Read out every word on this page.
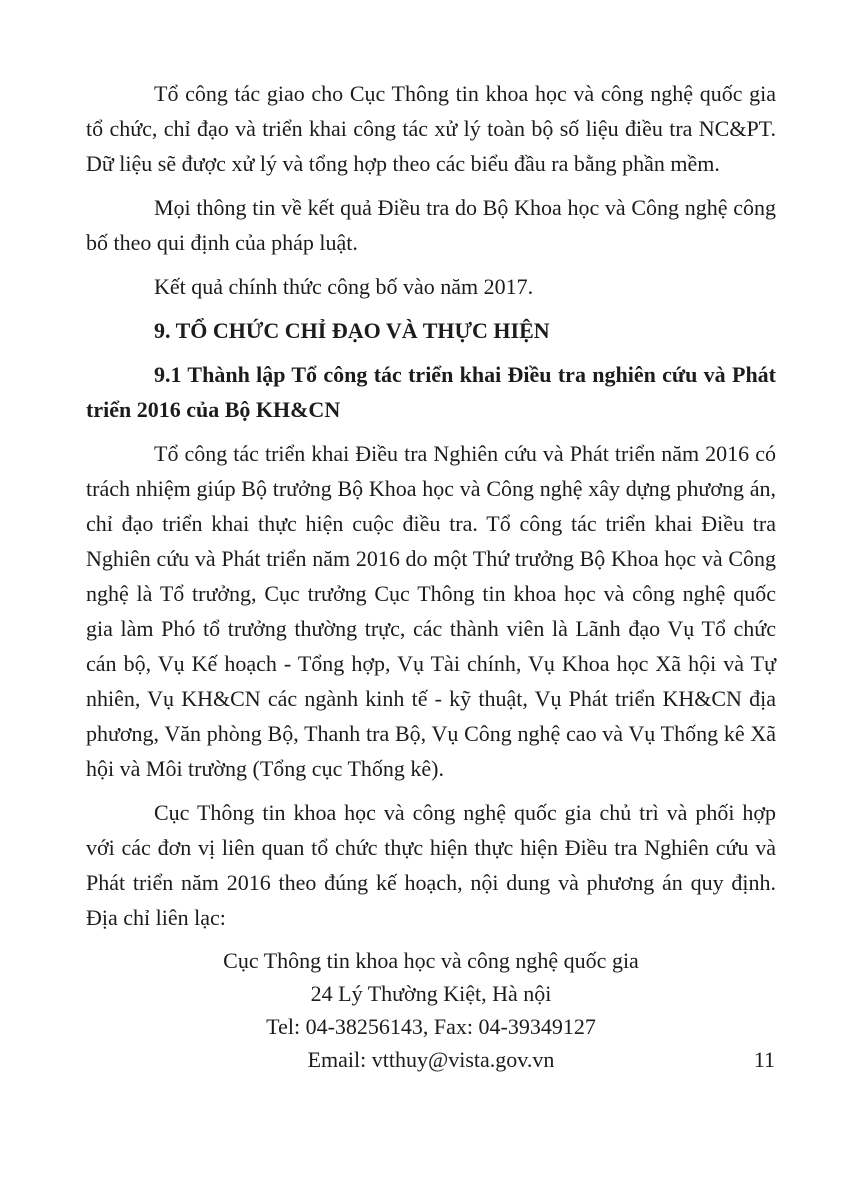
Tổ công tác giao cho Cục Thông tin khoa học và công nghệ quốc gia tổ chức, chỉ đạo và triển khai công tác xử lý toàn bộ số liệu điều tra NC&PT. Dữ liệu sẽ được xử lý và tổng hợp theo các biểu đầu ra bằng phần mềm.

Mọi thông tin về kết quả Điều tra do Bộ Khoa học và Công nghệ công bố theo qui định của pháp luật.

Kết quả chính thức công bố vào năm 2017.

9. TỔ CHỨC CHỈ ĐẠO VÀ THỰC HIỆN

9.1 Thành lập Tổ công tác triển khai Điều tra nghiên cứu và Phát triển 2016 của Bộ KH&CN

Tổ công tác triển khai Điều tra Nghiên cứu và Phát triển năm 2016 có trách nhiệm giúp Bộ trưởng Bộ Khoa học và Công nghệ xây dựng phương án, chỉ đạo triển khai thực hiện cuộc điều tra. Tổ công tác triển khai Điều tra Nghiên cứu và Phát triển năm 2016 do một Thứ trưởng Bộ Khoa học và Công nghệ là Tổ trưởng, Cục trưởng Cục Thông tin khoa học và công nghệ quốc gia làm Phó tổ trưởng thường trực, các thành viên là Lãnh đạo Vụ Tổ chức cán bộ, Vụ Kế hoạch - Tổng hợp, Vụ Tài chính, Vụ Khoa học Xã hội và Tự nhiên, Vụ KH&CN các ngành kinh tế - kỹ thuật, Vụ Phát triển KH&CN địa phương, Văn phòng Bộ, Thanh tra Bộ, Vụ Công nghệ cao và Vụ Thống kê Xã hội và Môi trường (Tổng cục Thống kê).

Cục Thông tin khoa học và công nghệ quốc gia chủ trì và phối hợp với các đơn vị liên quan tổ chức thực hiện thực hiện Điều tra Nghiên cứu và Phát triển năm 2016 theo đúng kế hoạch, nội dung và phương án quy định. Địa chỉ liên lạc:

Cục Thông tin khoa học và công nghệ quốc gia
24 Lý Thường Kiệt, Hà nội
Tel: 04-38256143, Fax: 04-39349127
Email: vtthuy@vista.gov.vn	11
